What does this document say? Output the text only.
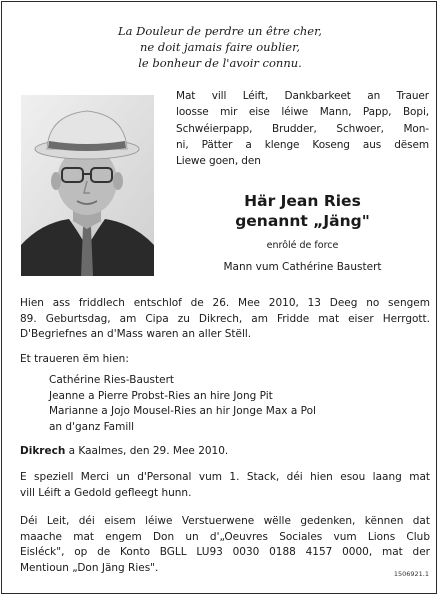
La Douleur de perdre un être cher,
ne doit jamais faire oublier,
le bonheur de l'avoir connu.
Mat vill Léift, Dankbarkeet an Trauer
loosse mir eise léiwe Mann, Papp, Bopi,
Schwéierpapp, Brudder, Schwoer, Mon-
ni, Pätter a klenge Koseng aus dësem
Liewe goen, den
Här Jean Ries
genannt „Jäng"
enrôlé de force
Mann vum Cathérine Baustert
Hien ass friddlech entschlof de 26. Mee 2010, 13 Deeg no sengem
89. Geburtsdag, am Cipa zu Dikrech, am Fridde mat eiser Herrgott.
D'Begriefnes an d'Mass waren an aller Stëll.
Et traueren ëm hien:
Cathérine Ries-Baustert
Jeanne a Pierre Probst-Ries an hire Jong Pit
Marianne a Jojo Mousel-Ries an hir Jonge Max a Pol
an d'ganz Famill
Dikrech a Kaalmes, den 29. Mee 2010.
E speziell Merci un d'Personal vum 1. Stack, déi hien esou laang mat
vill Léift a Gedold gefleegt hunn.
Déi Leit, déi eisem léiwe Verstuerwene wëlle gedenken, kënnen dat
maache mat engem Don un d'„Oeuvres Sociales vum Lions Club
Eisléck", op de Konto BGLL LU93 0030 0188 4157 0000, mat der
Mentioun „Don Jäng Ries".
1506921.1
